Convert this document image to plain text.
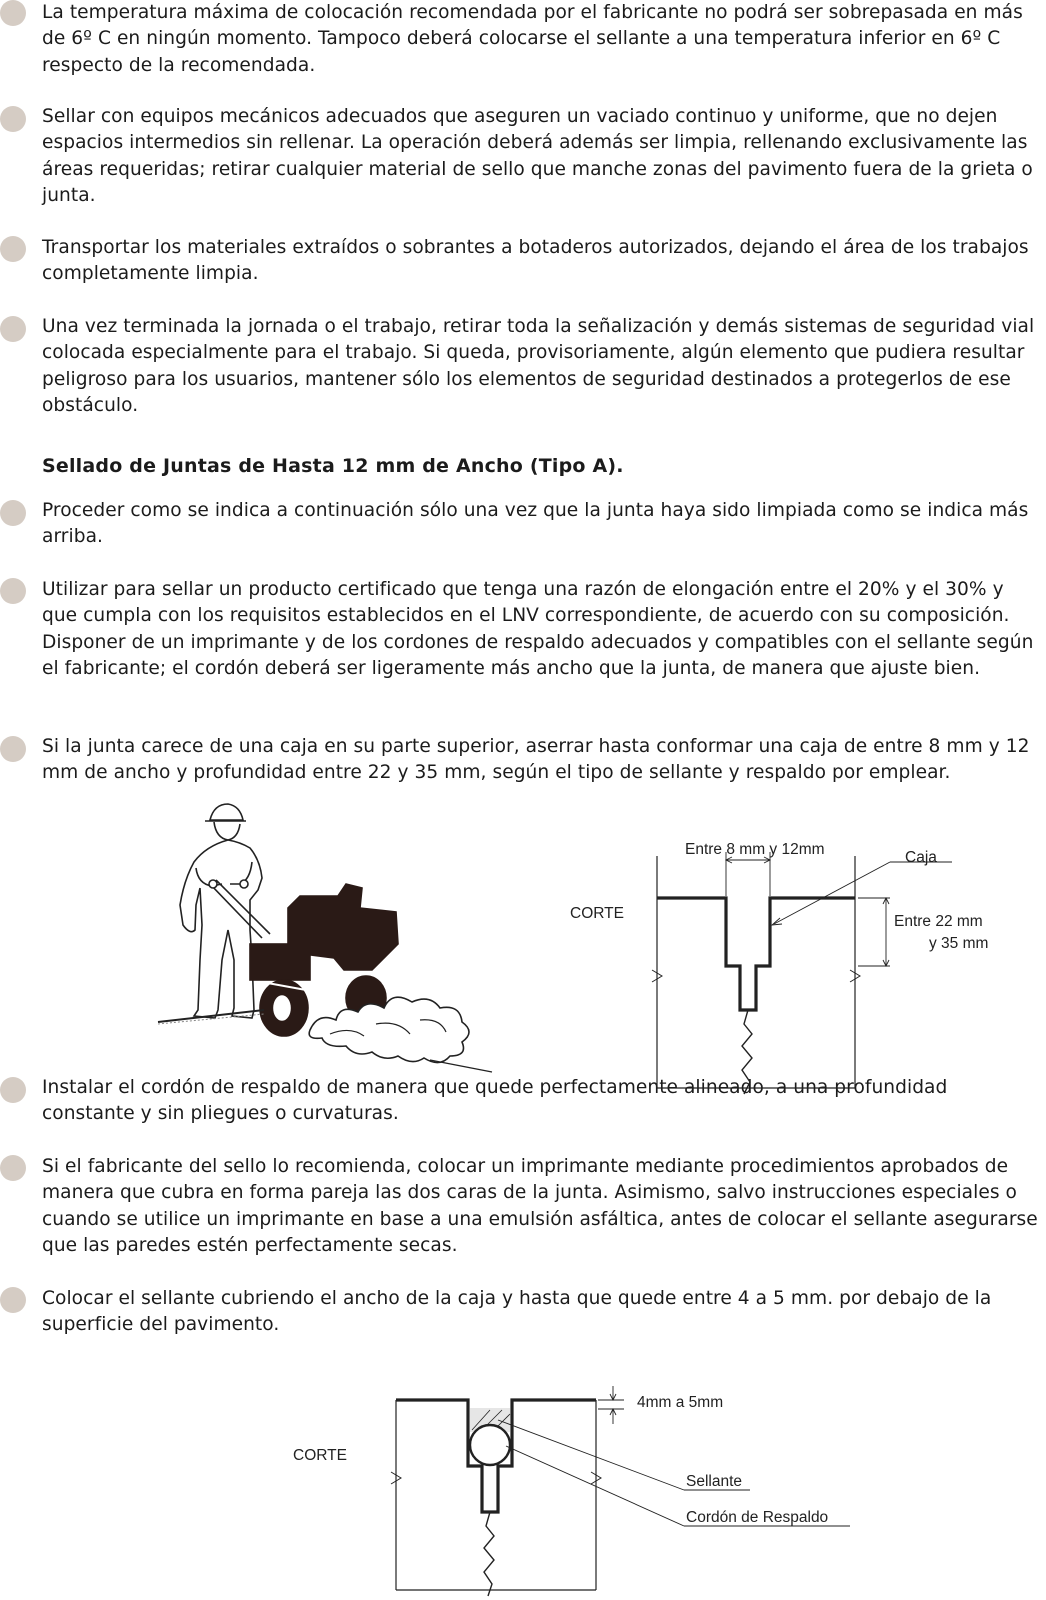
La temperatura máxima de colocación recomendada por el fabricante no podrá ser sobrepasada en más de 6º C en ningún momento. Tampoco deberá colocarse el sellante a una temperatura inferior en 6º C respecto de la recomendada.

Sellar con equipos mecánicos adecuados que aseguren un vaciado continuo y uniforme, que no dejen espacios intermedios sin rellenar. La operación deberá además ser limpia, rellenando exclusivamente las áreas requeridas; retirar cualquier material de sello que manche zonas del pavimento fuera de la grieta o junta.

Transportar los materiales extraídos o sobrantes a botaderos autorizados, dejando el área de los trabajos completamente limpia.

Una vez terminada la jornada o el trabajo, retirar toda la señalización y demás sistemas de seguridad vial colocada especialmente para el trabajo. Si queda, provisoriamente, algún elemento que pudiera resultar peligroso para los usuarios, mantener sólo los elementos de seguridad destinados a protegerlos de ese obstáculo.

Sellado de Juntas de Hasta 12 mm de Ancho (Tipo A).

Proceder como se indica a continuación sólo una vez que la junta haya sido limpiada como se indica más arriba.

Utilizar para sellar un producto certificado que tenga una razón de elongación entre el 20% y el 30% y que cumpla con los requisitos establecidos en el LNV correspondiente, de acuerdo con su composición. Disponer de un imprimante y de los cordones de respaldo adecuados y compatibles con el sellante según el fabricante; el cordón deberá ser ligeramente más ancho que la junta, de manera que ajuste bien.

Si la junta carece de una caja en su parte superior, aserrar hasta conformar una caja de entre 8 mm y 12 mm de ancho y profundidad entre 22 y 35 mm, según el tipo de sellante y respaldo por emplear.

Instalar el cordón de respaldo de manera que quede perfectamente alineado, a una profundidad constante y sin pliegues o curvaturas.

Si el fabricante del sello lo recomienda, colocar un imprimante mediante procedimientos aprobados de manera que cubra en forma pareja las dos caras de la junta. Asimismo, salvo instrucciones especiales o cuando se utilice un imprimante en base a una emulsión asfáltica, antes de colocar el sellante asegurarse que las paredes estén perfectamente secas.

Colocar el sellante cubriendo el ancho de la caja y hasta que quede entre 4 a 5 mm. por debajo de la superficie del pavimento.

Entre 8 mm y 12mm	Caja
CORTE	Entre 22 mm
y 35 mm
CORTE
4mm a 5mm
Sellante
Cordón de Respaldo
